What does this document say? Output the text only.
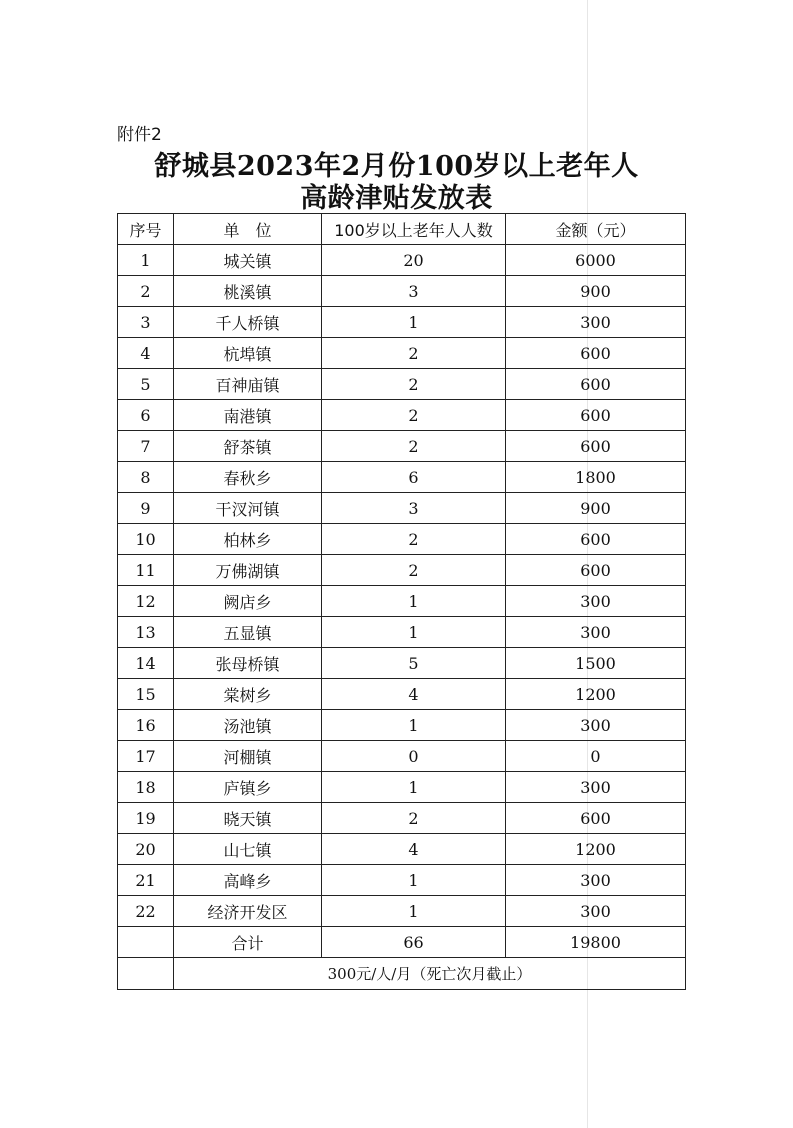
附件2
舒城县2023年2月份100岁以上老年人
高龄津贴发放表
序号	单　位	100岁以上老年人人数	金额（元）
1	城关镇	20	6000
2	桃溪镇	3	900
3	千人桥镇	1	300
4	杭埠镇	2	600
5	百神庙镇	2	600
6	南港镇	2	600
7	舒茶镇	2	600
8	春秋乡	6	1800
9	干汊河镇	3	900
10	柏林乡	2	600
11	万佛湖镇	2	600
12	阙店乡	1	300
13	五显镇	1	300
14	张母桥镇	5	1500
15	棠树乡	4	1200
16	汤池镇	1	300
17	河棚镇	0	0
18	庐镇乡	1	300
19	晓天镇	2	600
20	山七镇	4	1200
21	高峰乡	1	300
22	经济开发区	1	300
	合计	66	19800
	300元/人/月（死亡次月截止）		
